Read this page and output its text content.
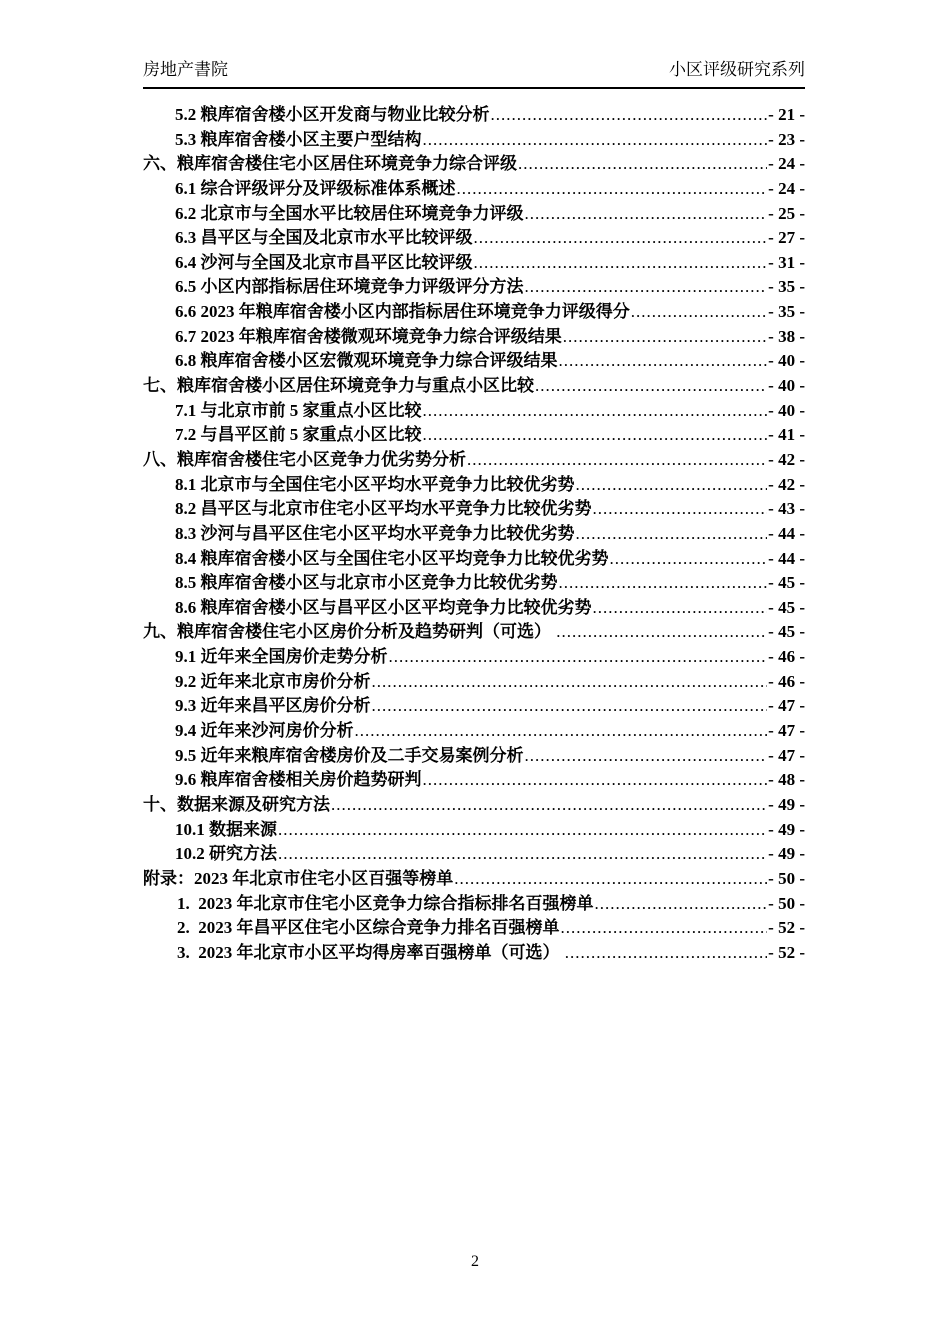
房地产書院	小区评级研究系列
5.2 粮库宿舍楼小区开发商与物业比较分析 .....	- 21 -
5.3 粮库宿舍楼小区主要户型结构 .....	- 23 -
六、粮库宿舍楼住宅小区居住环境竞争力综合评级 .....	- 24 -
6.1 综合评级评分及评级标准体系概述 .....	- 24 -
6.2 北京市与全国水平比较居住环境竞争力评级 .....	- 25 -
6.3 昌平区与全国及北京市水平比较评级 .....	- 27 -
6.4 沙河与全国及北京市昌平区比较评级 .....	- 31 -
6.5 小区内部指标居住环境竞争力评级评分方法 .....	- 35 -
6.6 2023 年粮库宿舍楼小区内部指标居住环境竞争力评级得分 .....	- 35 -
6.7 2023 年粮库宿舍楼微观环境竞争力综合评级结果 .....	- 38 -
6.8 粮库宿舍楼小区宏微观环境竞争力综合评级结果 .....	- 40 -
七、粮库宿舍楼小区居住环境竞争力与重点小区比较 .....	- 40 -
7.1 与北京市前 5 家重点小区比较 .....	- 40 -
7.2 与昌平区前 5 家重点小区比较 .....	- 41 -
八、粮库宿舍楼住宅小区竞争力优劣势分析 .....	- 42 -
8.1 北京市与全国住宅小区平均水平竞争力比较优劣势 .....	- 42 -
8.2 昌平区与北京市住宅小区平均水平竞争力比较优劣势 .....	- 43 -
8.3 沙河与昌平区住宅小区平均水平竞争力比较优劣势 .....	- 44 -
8.4 粮库宿舍楼小区与全国住宅小区平均竞争力比较优劣势 .....	- 44 -
8.5 粮库宿舍楼小区与北京市小区竞争力比较优劣势 .....	- 45 -
8.6 粮库宿舍楼小区与昌平区小区平均竞争力比较优劣势 .....	- 45 -
九、粮库宿舍楼住宅小区房价分析及趋势研判（可选） .....	- 45 -
9.1 近年来全国房价走势分析 .....	- 46 -
9.2 近年来北京市房价分析 .....	- 46 -
9.3 近年来昌平区房价分析 .....	- 47 -
9.4 近年来沙河房价分析 .....	- 47 -
9.5 近年来粮库宿舍楼房价及二手交易案例分析 .....	- 47 -
9.6 粮库宿舍楼相关房价趋势研判 .....	- 48 -
十、数据来源及研究方法 .....	- 49 -
10.1 数据来源 .....	- 49 -
10.2 研究方法 .....	- 49 -
附录：2023 年北京市住宅小区百强等榜单 .....	- 50 -
1.  2023 年北京市住宅小区竞争力综合指标排名百强榜单 .....	- 50 -
2.  2023 年昌平区住宅小区综合竞争力排名百强榜单 .....	- 52 -
3.  2023 年北京市小区平均得房率百强榜单（可选） .....	- 52 -
2
